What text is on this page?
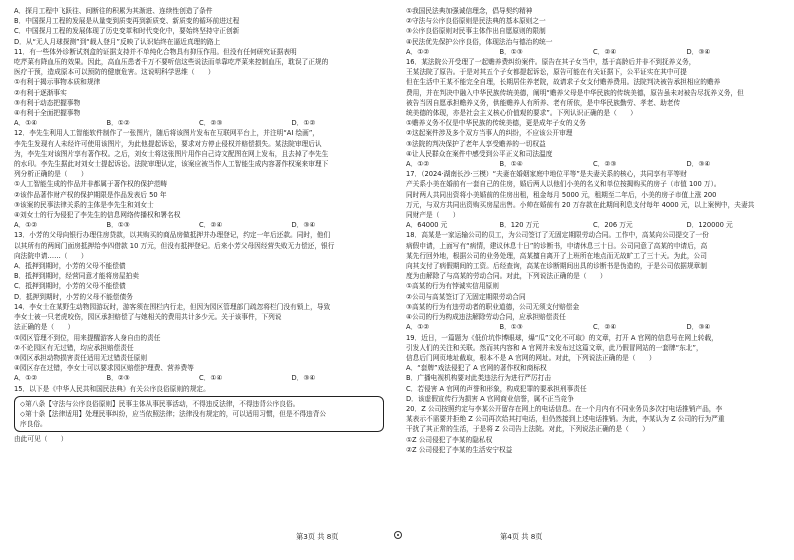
A．探月工程中飞跃往、间断往的积累为其渐进、连续性创造了条件
B．中国探月工程的发展是从量变到质变再到新质变、新质变的循环前进过程
C．中国探月工程的发展体现了历史变革和时代变化中，要始终坚持守正创新
D．从“无人月球探测”到“载人登月”反映了认识始终在逼近真理的路上
11．有一些体外诊断试剂盒的证据支持并不单纯化合物具有抑压作用。但没有任何研究证据表明
吃芹菜有降血压的效果。因此，高血压患者千万不要听信这些说法而单靠吃芹菜来控制血压，耽误了正规的
医疗干预，造成原本可以预防的健康危害。这说明科学思维（　　）
①有利于揭示事物本质和规律
②有利于逐渐事实
③有利于动态把握事物
④有利于全面把握事物
A．①④	B．①②	C．②③	D．①②
12．李先生利用人工智能软件制作了一张图片，随后将该图片发布在互联网平台上，并注明“AI 绘画”，
李先生发现有人未经许可使用该图片，为此他提起诉讼，要求对方停止侵权并赔偿损失。某法院审理后认
为，李先生对该图片享有著作权。之后，刘女士将这张图片用作自己诗文配图在网上发布，且去掉了李先生
的水印。李先生据此对刘女士提起诉讼。法院审理认定，该案应被当作人工智能生成内容著作权案来审理下
列分析正确的是（　　）
①人工智能生成的作品并非都属于著作权的保护范畴
②该作品著作财产权的保护期限是作品发表后 50 年
③该案的民事法律关系的主体是李先生和刘女士
④刘女士的行为侵犯了李先生的信息网络传播权和署名权
A．①②	B．①③	C．②④	D．③④
13．小芳的父母向银行办理住房贷款，以其购买的商品房做抵押并办理登记，约定一年后还款。同时，他们
以其所有的两间门面房抵押给李四借款 10 万元，但没有抵押登记。后来小芳父母因经营失败无力偿还，银行
向法院申请……（　　）
A．抵押到期时，小芳的父母不能偿债
B．抵押到期时，经营同意才能将房屋拍卖
C．抵押到期时，小芳的父母不能偿债
D．抵押到期时，小芳的父母不能偿债务
14．李女士在某野生动物园游玩时，游客须在围栏内行走，但因为园区管理部门疏忽将栏门没有锁上，导致
李女士被一只老虎咬伤，园区承担赔偿了与她相关的费用共计多少元。关于该事件，下列说
法正确的是（　　）
①园区管理不到位，用来提醒游客人身自由的责任
②不论园区有无过错，均应承担赔偿责任
③园区承担动物损害责任适用无过错责任原则
④园区存在过错，李女士可以要求园区赔偿护理费、营养费等
A．①②	B．②③	C．①④	D．③④
15．以下是《中华人民共和国民法典》有关公序良俗原则的规定。
◇第八条【守法与公序良俗原则】民事主体从事民事活动，不得违反法律，不得违背公序良俗。
◇第十条【法律适用】处理民事纠纷，应当依照法律；法律没有规定的，可以适用习惯，但是不得违背公
序良俗。
由此可见（　　）
①我国民法典加强诚信理念，倡导契约精神
②守法与公序良俗原则是民法典的基本原则之一
③公序良俗原则对民事主体作出自愿原则的限制
④民法优先保护公序良俗，体现法治与德治的统一
A．①②	B．①③	C．②④	D．③④
16．某法院公开受理了一起赡养费纠纷案件。原告在其子女当中，基于高龄后并非不到抚养义务，
王某法院了原告。于是对其五个子女都提起诉讼，原告可能在有关证据下，公平证实在其中可提
但在生活中王某不能完全自理，长期居住养老院，故请求子女支付赡养费用。法院判决被告承担相应的赡养
费用，并在判决中融入中华民族传统美德，阐明“赡养父母是中华民族的传统美德，原告虽未对被告尽抚养义务，但
被告当因自愿承担赡养义务，供能赡养人有所养、老有所依，是中华民族勤劳、孝老、助老传
统美德的体现，亦是社会主义核心价值观的要求”。下列认识正确的是（　　）
①赡养义务不仅是中华民族的传统美德，更是成年子女的义务
②这起案件涉及多个双方当事人的纠纷，不应该公开审理
③法院的判决保护了老年人享受赡养的一切权益
④让人民群众在案件中感受到公平正义和司法温度
A．①②	B．①④	C．②③	D．③④
17．（2024·湖南长沙·三模）“夫妻在婚姻家庭中地位平等”是夫妻关系的核心，共同享有平等财
产关系小美在婚前有一套自己的住房，婚后两人以他们小美的名义和单位按揭购买的房子（市值 100 万）。
同时两人共同出资将小美婚前的住房出租，租金每月 5000 元，租期至二年后，小美的房子市值上涨 200
万元，与双方共同出资购买房屋出售。小帅在婚前有 20 万存款在此期间利息支付每年 4000 元，以上案例中，夫妻共
同财产是（　　）
A．64000 元	B．120 万元	C．206 万元	D．120000 元
18．高某是一家运输公司的员工，为公司签订了无固定期限劳动合同。工作中，高某向公司提交了一份
病假申请，上面写有“病情，建议休息十日”的诊断书，申请休息三十日。公司同意了高某的申请后，高
某先行回外地，根据公司的业务处理，高某擅自离开了上班所在地点而无故旷工了三十天。为此，公司
向其支付了病假期间的工资。后经查询，高某在诊断期间出具的诊断书是伪造的，于是公司依据规章制
度为由解除了与高某的劳动合同。对此，下列说法正确的是（　　）
①高某的行为有悖诚实信用原则
②公司与高某签订了无固定期限劳动合同
③高某的行为有违劳动者的职业道德，公司无须支付赔偿金
④公司的行为构成违法解除劳动合同，应承担赔偿责任
A．①②	B．①③	C．②④	D．③④
19．近日，一篇题为《低价坑作博眼球，爆“瓜”文化不可取》的文章，打开 A 官网的信息号在网上转载，
引发人们的关注和关联。然而其内容和 A 官网并未发布过这篇文章，此乃假冒网站的一套牌“东北”，
信息后门网页地址截取，根本不是 A 官网的网址。对此，下列说法正确的是（　　）
A．“套牌”戏法侵犯了 A 官网的著作权和商标权
B．广播电视机构要对此类违法行为进行严厉打击
C．若侵害 A 官网的声誉和形象，构成犯罪的要承担刑事责任
D．该虚假宣传行为损害 A 官网商业信誉，属不正当竞争
20．Z 公司按照约定与李某公开留存在网上的电话信息。在一个月内有不同业务员多次打电话推销产品，李
某表示不需要并拒绝 Z 公司再次给其打电话，但仍然接到上述电话推销。为此，李某认为 Z 公司的行为严重
干扰了其正常的生活，于是将 Z 公司告上法院。对此，下列说法正确的是（　　）
①Z 公司侵犯了李某的隐私权
②Z 公司侵犯了李某的生活安宁权益
第3页 共 8页	第4页 共 8页
